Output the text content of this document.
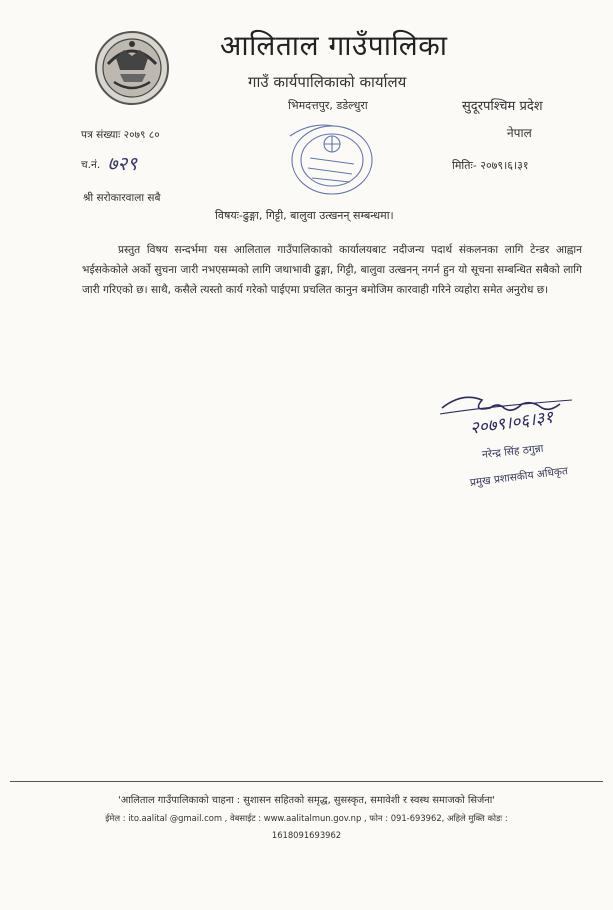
आलिताल गाउँपालिका
गाउँ कार्यपालिकाको कार्यालय
भिमदत्तपुर, डडेल्धुरा	सुदूरपश्चिम प्रदेश
नेपाल
पत्र संख्याः २०७९ ८०
च.नं. ७२९	मितिः- २०७९।६।३१
श्री सरोकारवाला सबै
विषयः-ढुङ्गा, गिट्टी, बालुवा उत्खनन् सम्बन्धमा।
प्रस्तुत विषय सन्दर्भमा यस आलिताल गाउँपालिकाको कार्यालयबाट नदीजन्य पदार्थ संकलनका लागि टेन्डर आह्वान भईसकेकोले अर्को सुचना जारी नभएसम्मको लागि जथाभावी ढुङ्गा, गिट्टी, बालुवा उत्खनन् नगर्न हुन यो सूचना सम्बन्धित सबैको लागि जारी गरिएको छ। साथै, कसैले त्यस्तो कार्य गरेको पाईएमा प्रचलित कानुन बमोजिम कारवाही गरिने व्यहोरा समेत अनुरोध छ।
२०७९।०६।३१
नरेन्द्र सिंह ठगुन्ना
प्रमुख प्रशासकीय अधिकृत
'आलिताल गाउँपालिकाको चाहना : सुशासन सहितको समृद्ध, सुसस्कृत, समावेशी र स्वस्थ समाजको सिर्जना'
ईमेल : ito.aalital @gmail.com , वेबसाईट : www.aalitalmun.gov.np , फोन : 091-693962, अहिले मुक्ति कोडः :
1618091693962
